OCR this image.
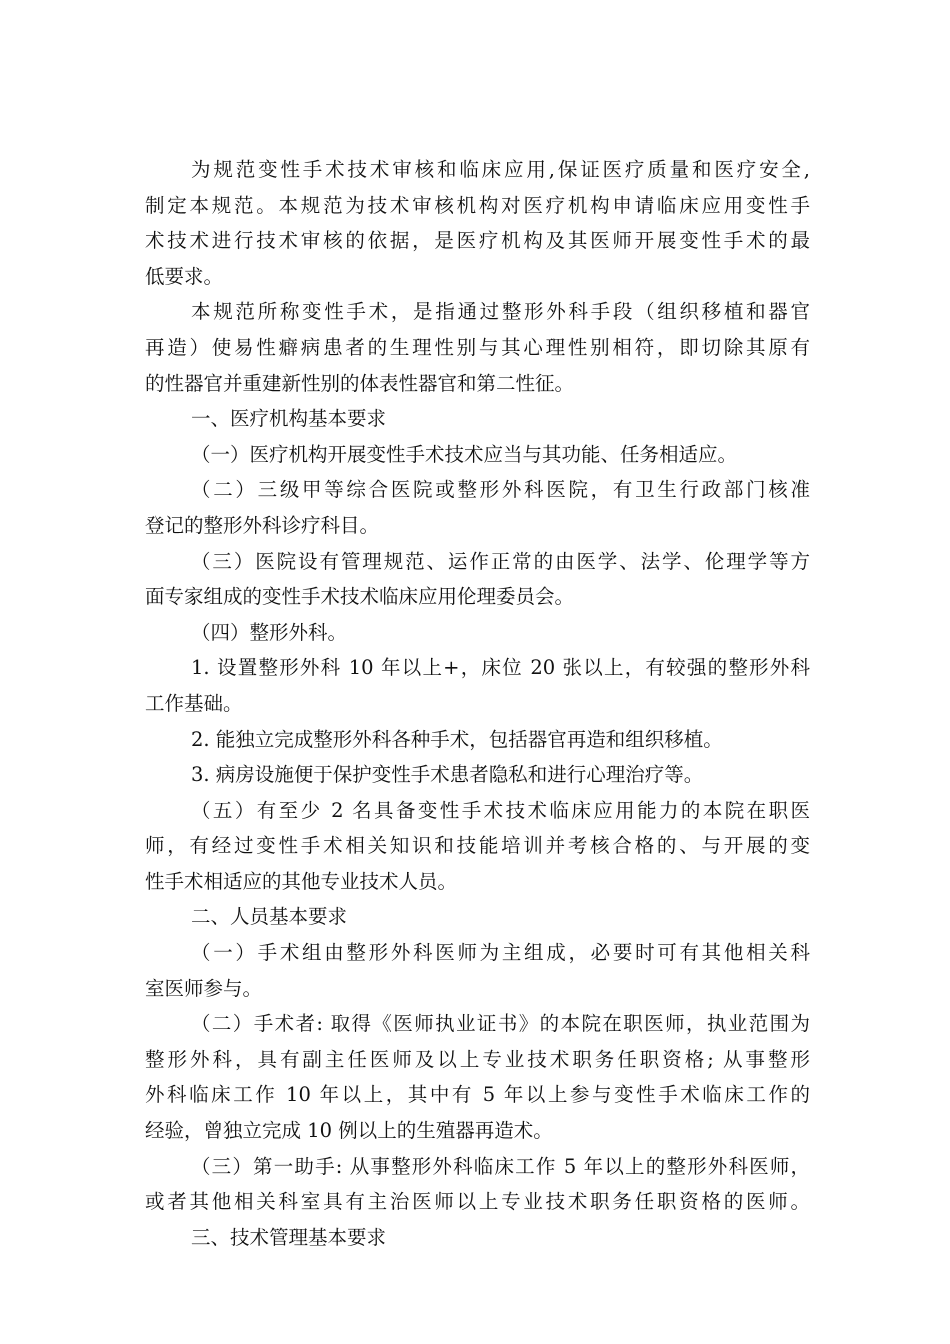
为规范变性手术技术审核和临床应用,保证医疗质量和医疗安全,
制定本规范。本规范为技术审核机构对医疗机构申请临床应用变性手
术技术进行技术审核的依据，是医疗机构及其医师开展变性手术的最
低要求。
本规范所称变性手术，是指通过整形外科手段（组织移植和器官
再造）使易性癖病患者的生理性别与其心理性别相符，即切除其原有
的性器官并重建新性别的体表性器官和第二性征。
一、医疗机构基本要求
（一）医疗机构开展变性手术技术应当与其功能、任务相适应。
（二）三级甲等综合医院或整形外科医院，有卫生行政部门核准
登记的整形外科诊疗科目。
（三）医院设有管理规范、运作正常的由医学、法学、伦理学等方
面专家组成的变性手术技术临床应用伦理委员会。
（四）整形外科。
1. 设置整形外科 10 年以上+，床位 20 张以上，有较强的整形外科
工作基础。
2. 能独立完成整形外科各种手术，包括器官再造和组织移植。
3. 病房设施便于保护变性手术患者隐私和进行心理治疗等。
（五）有至少 2 名具备变性手术技术临床应用能力的本院在职医
师，有经过变性手术相关知识和技能培训并考核合格的、与开展的变
性手术相适应的其他专业技术人员。
二、人员基本要求
（一）手术组由整形外科医师为主组成，必要时可有其他相关科
室医师参与。
（二）手术者: 取得《医师执业证书》的本院在职医师，执业范围为
整形外科，具有副主任医师及以上专业技术职务任职资格; 从事整形
外科临床工作 10 年以上，其中有 5 年以上参与变性手术临床工作的
经验，曾独立完成 10 例以上的生殖器再造术。
（三）第一助手: 从事整形外科临床工作 5 年以上的整形外科医师，
或者其他相关科室具有主治医师以上专业技术职务任职资格的医师。
三、技术管理基本要求
